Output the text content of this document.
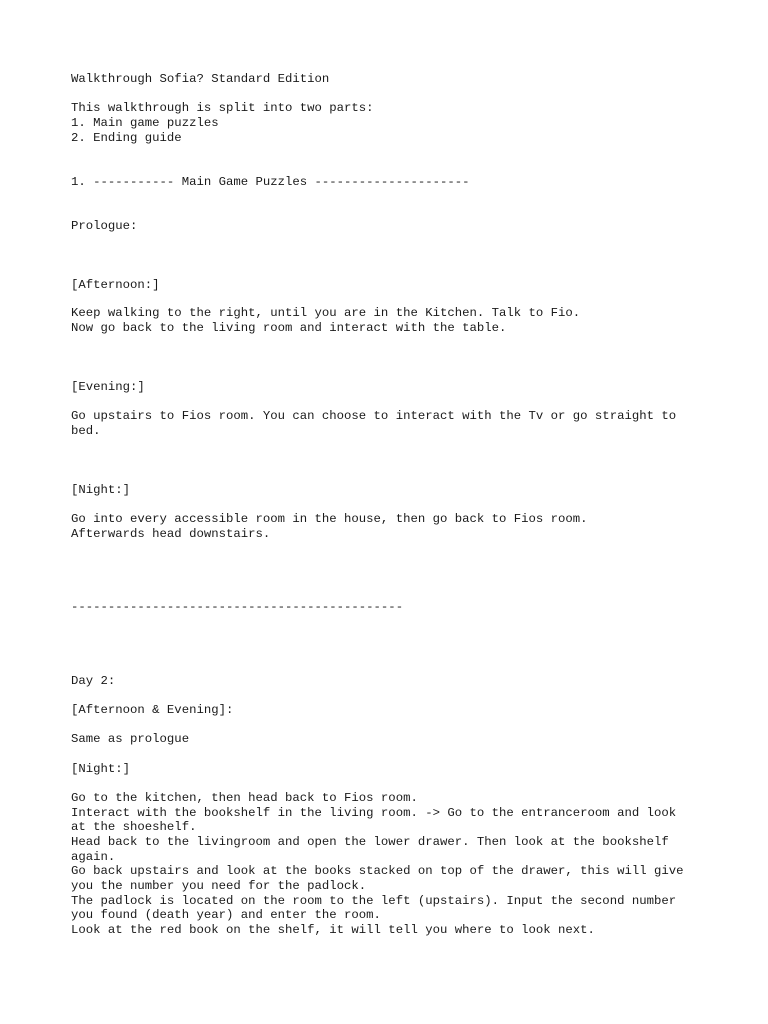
Walkthrough Sofia? Standard Edition

This walkthrough is split into two parts:

1. Main game puzzles

2. Ending guide

1. ----------- Main Game Puzzles ---------------------

Prologue:

[Afternoon:]

Keep walking to the right, until you are in the Kitchen. Talk to Fio.

Now go back to the living room and interact with the table.

[Evening:]

Go upstairs to Fios room. You can choose to interact with the Tv or go straight to

bed.

[Night:]

Go into every accessible room in the house, then go back to Fios room.

Afterwards head downstairs.

---------------------------------------------

Day 2:

[Afternoon & Evening]:

Same as prologue

[Night:]

Go to the kitchen, then head back to Fios room.

Interact with the bookshelf in the living room. -> Go to the entranceroom and look

at the shoeshelf.

Head back to the livingroom and open the lower drawer. Then look at the bookshelf

again.

Go back upstairs and look at the books stacked on top of the drawer, this will give

you the number you need for the padlock.

The padlock is located on the room to the left (upstairs). Input the second number

you found (death year) and enter the room.

Look at the red book on the shelf, it will tell you where to look next.
